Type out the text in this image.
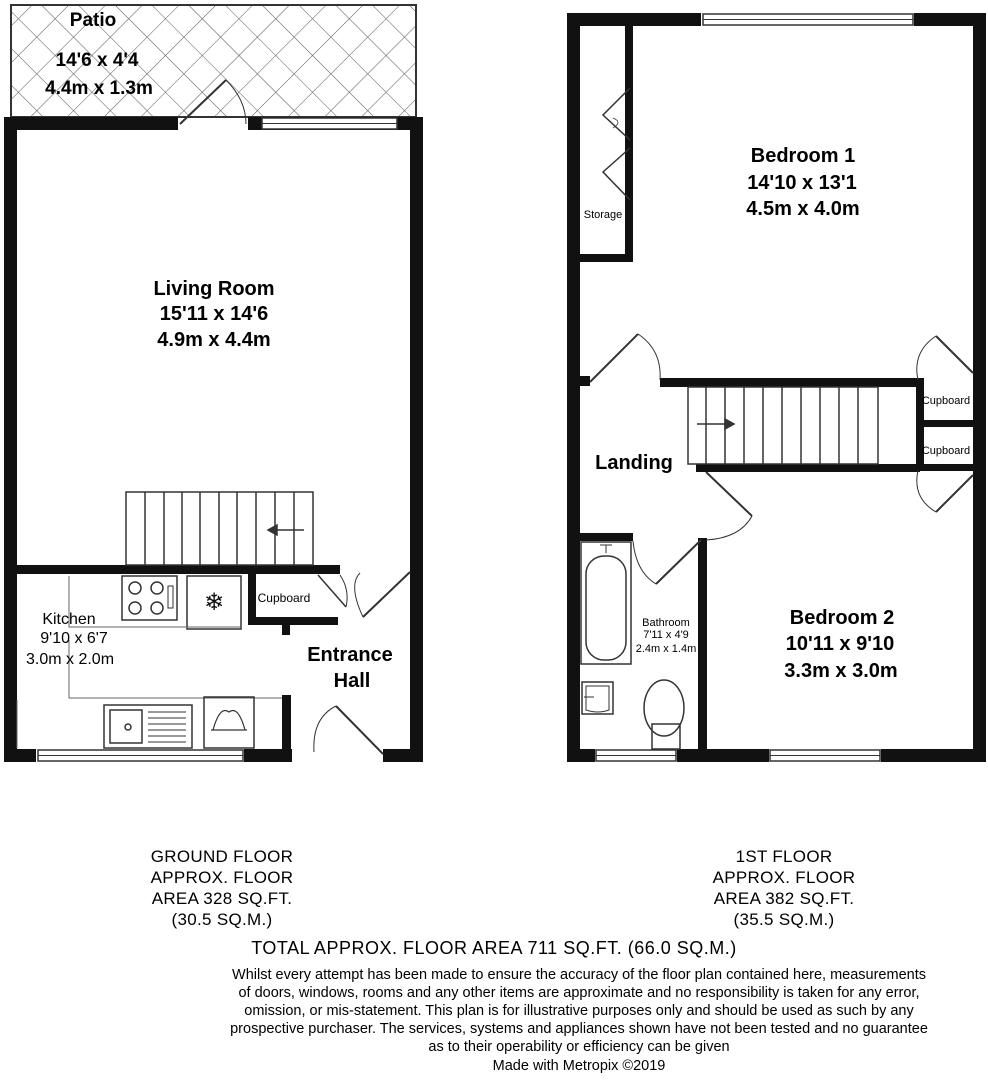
Patio
14'6 x 4'4
4.4m x 1.3m
❄
Living Room
15'11 x 14'6
4.9m x 4.4m
Kitchen
9'10 x 6'7
3.0m x 2.0m
Cupboard
Entrance
Hall
Bedroom 1
14'10 x 13'1
4.5m x 4.0m
Storage
Landing
Cupboard
Cupboard
Bathroom
7'11 x 4'9
2.4m x 1.4m
Bedroom 2
10'11 x 9'10
3.3m x 3.0m
GROUND FLOOR
APPROX. FLOOR
AREA 328 SQ.FT.
(30.5 SQ.M.)
1ST FLOOR
APPROX. FLOOR
AREA 382 SQ.FT.
(35.5 SQ.M.)
TOTAL APPROX. FLOOR AREA 711 SQ.FT. (66.0 SQ.M.)
Whilst every attempt has been made to ensure the accuracy of the floor plan contained here, measurements
of doors, windows, rooms and any other items are approximate and no responsibility is taken for any error,
omission, or mis-statement. This plan is for illustrative purposes only and should be used as such by any
prospective purchaser. The services, systems and appliances shown have not been tested and no guarantee
as to their operability or efficiency can be given
Made with Metropix ©2019
